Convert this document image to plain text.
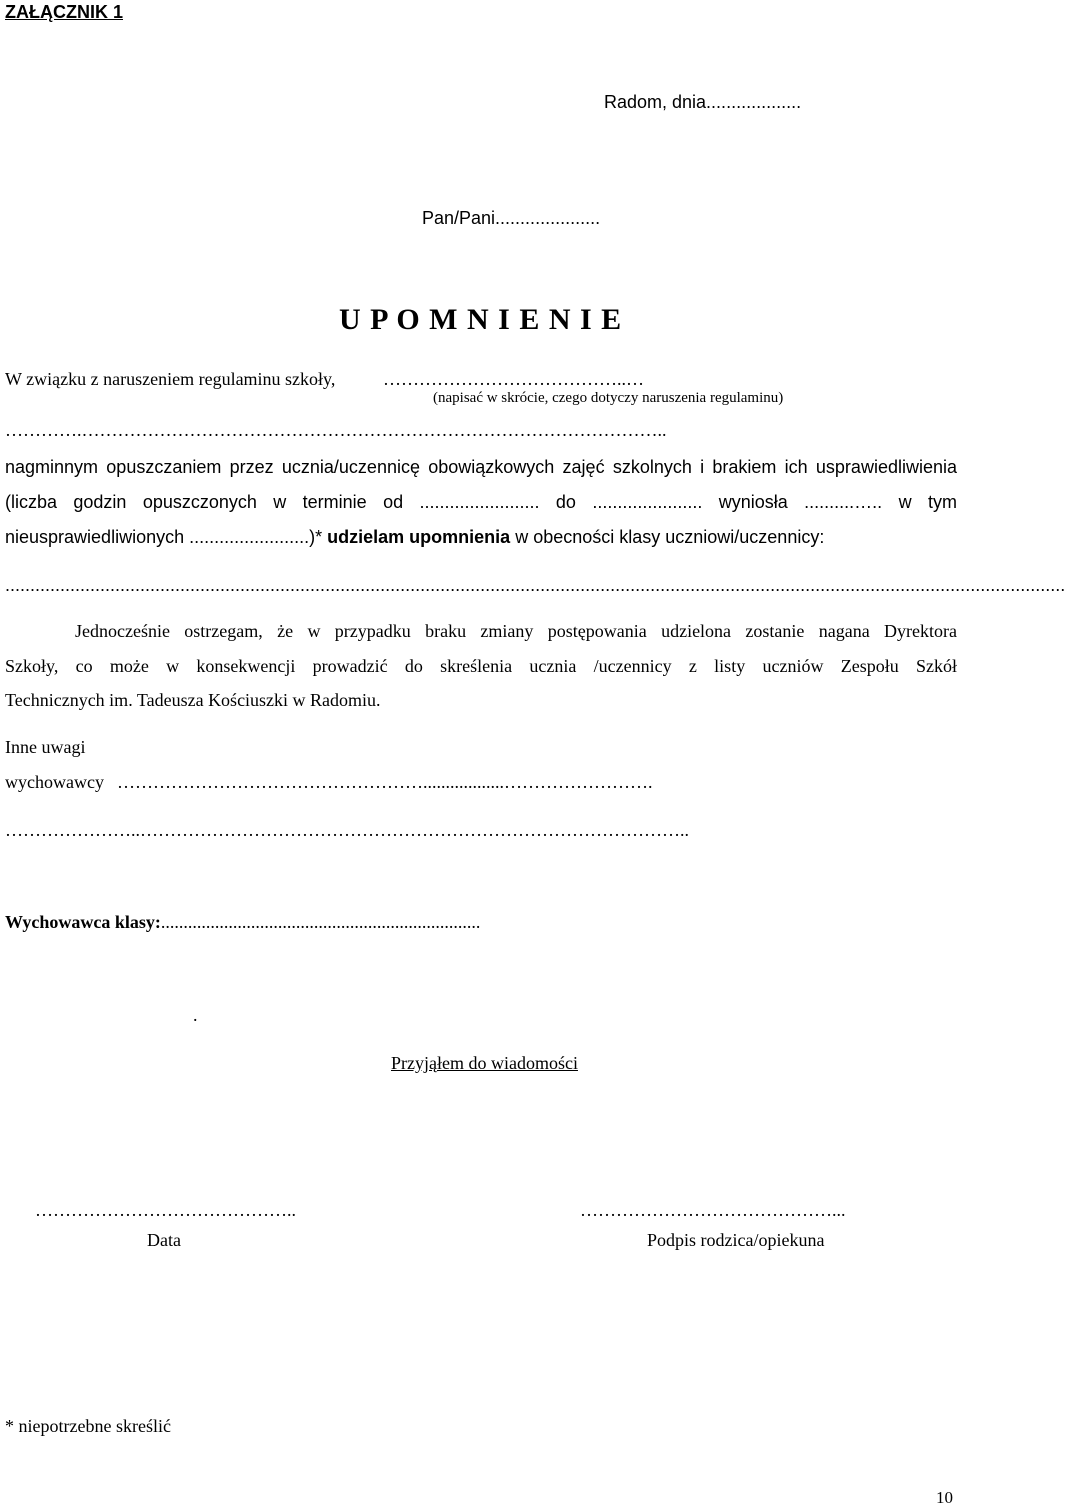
ZAŁĄCZNIK 1
Radom, dnia...................
Pan/Pani.....................
U P O M N I E N I E
W związku z naruszeniem regulaminu szkoły,	…………………………………..…
(napisać w skrócie, czego dotyczy naruszenia regulaminu)
………….……………………………………………………………………………………..
nagminnym opuszczaniem przez ucznia/uczennicę obowiązkowych zajęć szkolnych i brakiem ich usprawiedliwienia
(liczba godzin opuszczonych w terminie od ........................ do ...................... wyniosła ..........….. w tym
nieusprawiedliwionych ........................)* udzielam upomnienia w obecności klasy uczniowi/uczennicy:
....................................................................................................................................................................................................................
Jednocześnie ostrzegam, że w przypadku braku zmiany postępowania udzielona zostanie nagana Dyrektora
Szkoły, co może w konsekwencji prowadzić do skreślenia ucznia /uczennicy z listy uczniów Zespołu Szkół
Technicznych im. Tadeusza Kościuszki w Radomiu.
Inne uwagi
wychowawcy ……………………………………………..................…………………….
…………………..………………………………………………………………………………..
Wychowawca klasy:.......................................................................
.
Przyjąłem do wiadomości
……………………………………..
Data
……………………………………...
Podpis rodzica/opiekuna
* niepotrzebne skreślić
10
